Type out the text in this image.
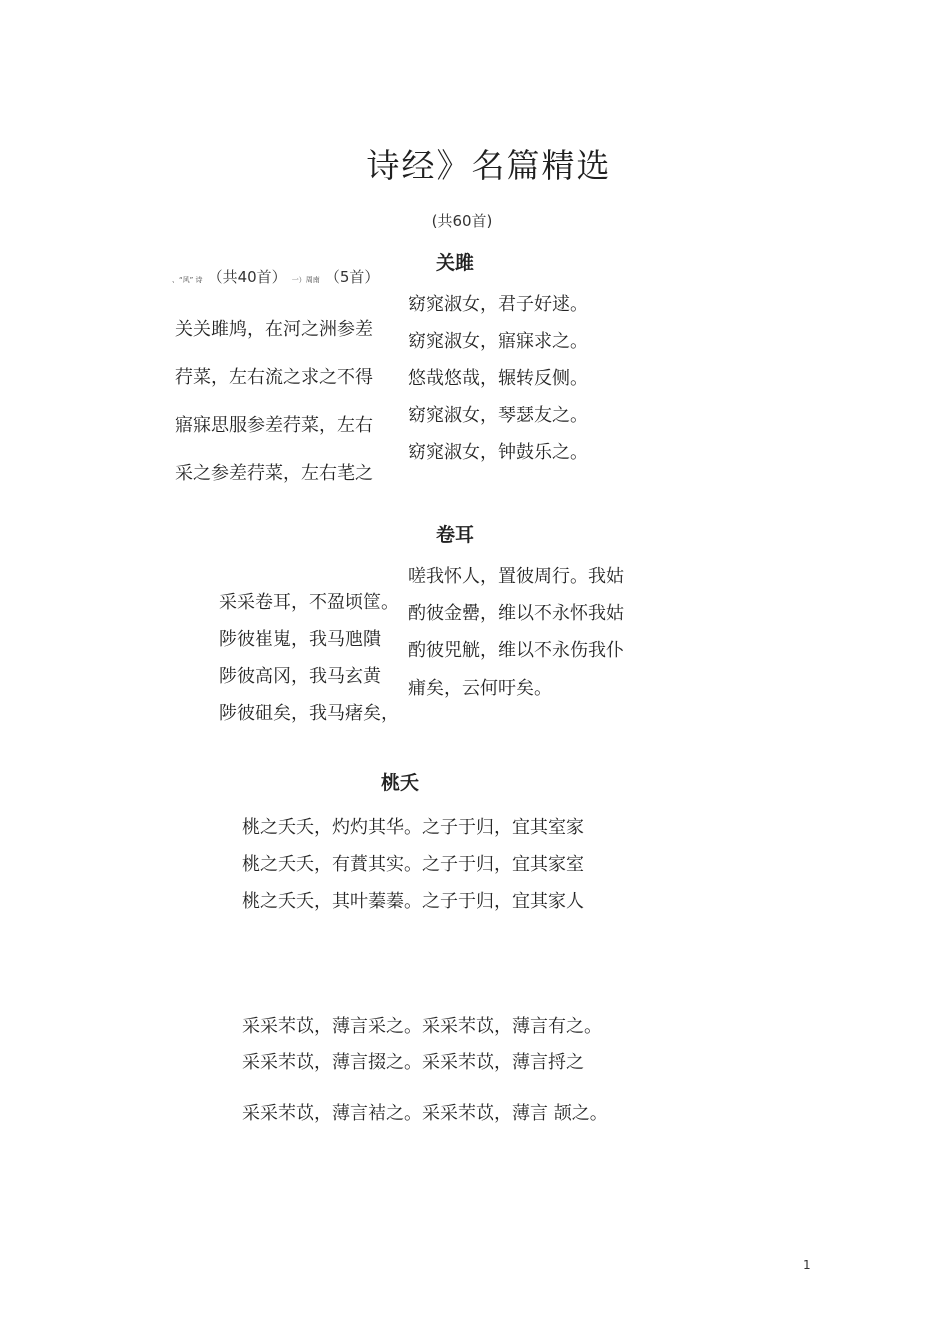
诗经》名篇精选
(共60首)
关雎
、“风” 诗 （共40首） 一）周南 （5首）
关关雎鸠，在河之洲参差
荇菜，左右流之求之不得
寤寐思服参差荇菜，左右
采之参差荇菜，左右芼之
窈窕淑女，君子好逑。
窈窕淑女，寤寐求之。
悠哉悠哉，辗转反侧。
窈窕淑女，琴瑟友之。
窈窕淑女，钟鼓乐之。
卷耳
采采卷耳，不盈顷筐。
陟彼崔嵬，我马虺隤
陟彼高冈，我马玄黄
陟彼砠矣，我马瘏矣，
嗟我怀人，置彼周行。我姑
酌彼金罍，维以不永怀我姑
酌彼兕觥，维以不永伤我仆
痡矣，云何吁矣。
桃夭
桃之夭夭，灼灼其华。之子于归，宜其室家
桃之夭夭，有蕡其实。之子于归，宜其家室
桃之夭夭，其叶蓁蓁。之子于归，宜其家人
采采芣苡，薄言采之。采采芣苡，薄言有之。
采采芣苡，薄言掇之。采采芣苡，薄言捋之
采采芣苡，薄言袺之。采采芣苡，薄言 颉之。
1
